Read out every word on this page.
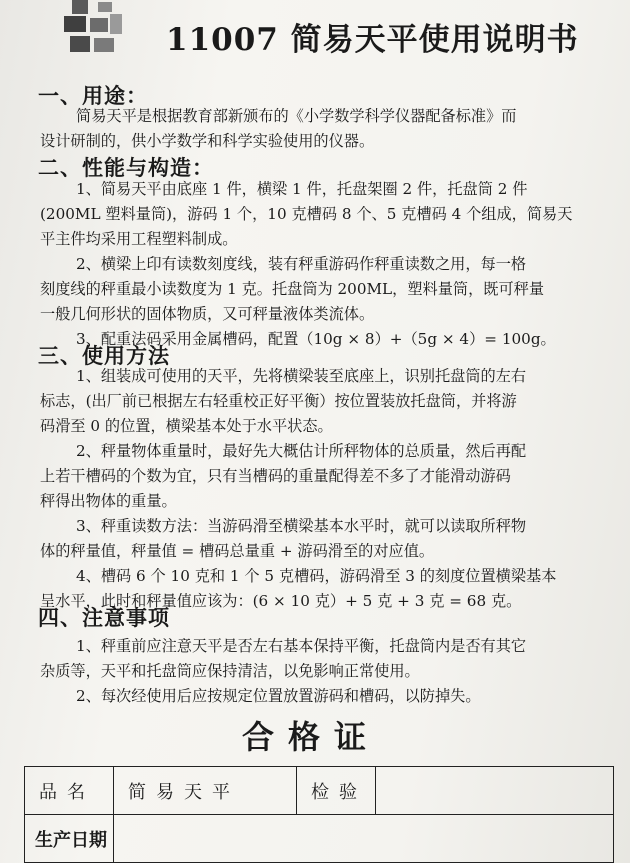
11007 简易天平使用说明书
一、用途：
简易天平是根据教育部新颁布的《小学数学科学仪器配备标准》而
设计研制的，供小学数学和科学实验使用的仪器。
二、性能与构造：
1、简易天平由底座 1 件，横梁 1 件，托盘架圈 2 件，托盘筒 2 件
(200ML 塑料量筒)，游码 1 个，10 克槽码 8 个、5 克槽码 4 个组成，简易天
平主件均采用工程塑料制成。
2、横梁上印有读数刻度线，装有秤重游码作秤重读数之用，每一格
刻度线的秤重最小读数度为 1 克。托盘筒为 200ML，塑料量筒，既可秤量
一般几何形状的固体物质，又可秤量液体类流体。
3、配重法码采用金属槽码，配置（10g × 8）+（5g × 4）= 100g。
三、使用方法
1、组装成可使用的天平，先将横梁装至底座上，识别托盘筒的左右
标志，(出厂前已根据左右轻重校正好平衡）按位置装放托盘筒，并将游
码滑至 0 的位置，横梁基本处于水平状态。
2、秤量物体重量时，最好先大概估计所秤物体的总质量，然后再配
上若干槽码的个数为宜，只有当槽码的重量配得差不多了才能滑动游码
秤得出物体的重量。
3、秤重读数方法：当游码滑至横梁基本水平时，就可以读取所秤物
体的秤量值，秤量值 = 槽码总量重 + 游码滑至的对应值。
4、槽码 6 个 10 克和 1 个 5 克槽码，游码滑至 3 的刻度位置横梁基本
呈水平，此时和秤量值应该为：(6 × 10 克）+ 5 克 + 3 克 = 68 克。
四、注意事项
1、秤重前应注意天平是否左右基本保持平衡，托盘筒内是否有其它
杂质等，天平和托盘筒应保持清洁，以免影响正常使用。
2、每次经使用后应按规定位置放置游码和槽码，以防掉失。
合格证
品名	简易天平	检验	
生产日期			
